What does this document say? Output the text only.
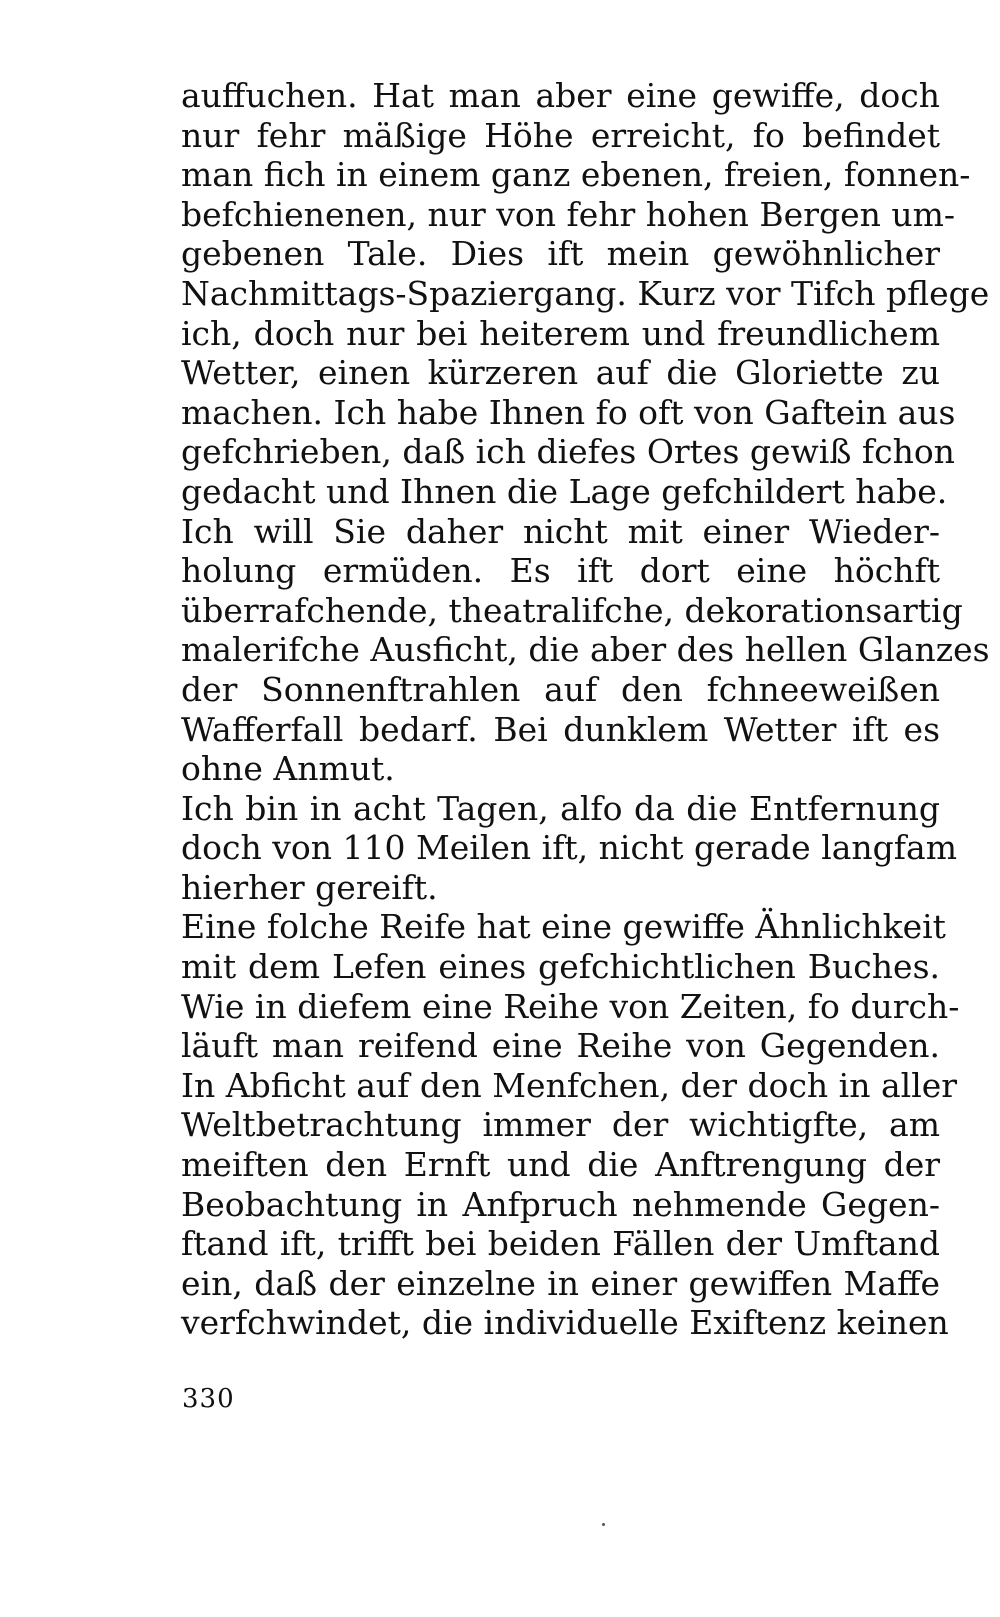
auffuchen. Hat man aber eine gewiffe, doch
nur fehr mäßige Höhe erreicht, fo befindet
man fich in einem ganz ebenen, freien, fonnen-
befchienenen, nur von fehr hohen Bergen um-
gebenen Tale. Dies ift mein gewöhnlicher
Nachmittags-Spaziergang. Kurz vor Tifch pflege
ich, doch nur bei heiterem und freundlichem
Wetter, einen kürzeren auf die Gloriette zu
machen. Ich habe Ihnen fo oft von Gaftein aus
gefchrieben, daß ich diefes Ortes gewiß fchon
gedacht und Ihnen die Lage gefchildert habe.
Ich will Sie daher nicht mit einer Wieder-
holung ermüden. Es ift dort eine höchft
überrafchende, theatralifche, dekorationsartig
malerifche Ausficht, die aber des hellen Glanzes
der Sonnenftrahlen auf den fchneeweißen
Wafferfall bedarf. Bei dunklem Wetter ift es
ohne Anmut.
Ich bin in acht Tagen, alfo da die Entfernung
doch von 110 Meilen ift, nicht gerade langfam
hierher gereift.
Eine folche Reife hat eine gewiffe Ähnlichkeit
mit dem Lefen eines gefchichtlichen Buches.
Wie in diefem eine Reihe von Zeiten, fo durch-
läuft man reifend eine Reihe von Gegenden.
In Abficht auf den Menfchen, der doch in aller
Weltbetrachtung immer der wichtigfte, am
meiften den Ernft und die Anftrengung der
Beobachtung in Anfpruch nehmende Gegen-
ftand ift, trifft bei beiden Fällen der Umftand
ein, daß der einzelne in einer gewiffen Maffe
verfchwindet, die individuelle Exiftenz keinen
330
